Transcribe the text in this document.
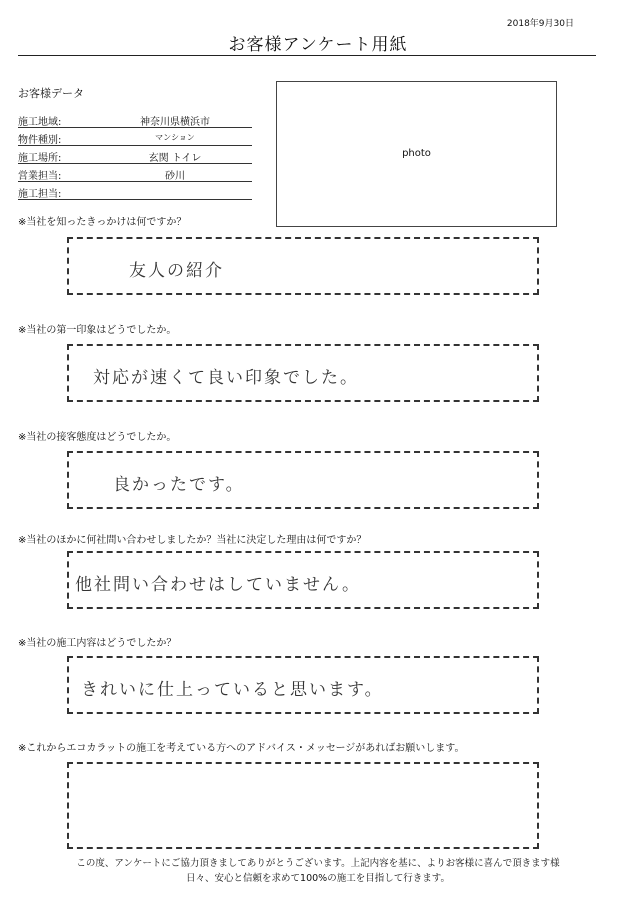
2018年9月30日
お客様アンケート用紙
お客様データ
施工地域:	神奈川県横浜市
物件種別:	マンション
施工場所:	玄関 トイレ
営業担当:	砂川
施工担当:
photo
※当社を知ったきっかけは何ですか？
友人の紹介
※当社の第一印象はどうでしたか。
対応が速くて良い印象でした。
※当社の接客態度はどうでしたか。
良かったです。
※当社のほかに何社問い合わせしましたか？当社に決定した理由は何ですか？
他社問い合わせはしていません。
※当社の施工内容はどうでしたか？
きれいに仕上っていると思います。
※これからエコカラットの施工を考えている方へのアドバイス・メッセージがあればお願いします。
この度、アンケートにご協力頂きましてありがとうございます。上記内容を基に、よりお客様に喜んで頂きます様
日々、安心と信頼を求めて100%の施工を目指して行きます。
